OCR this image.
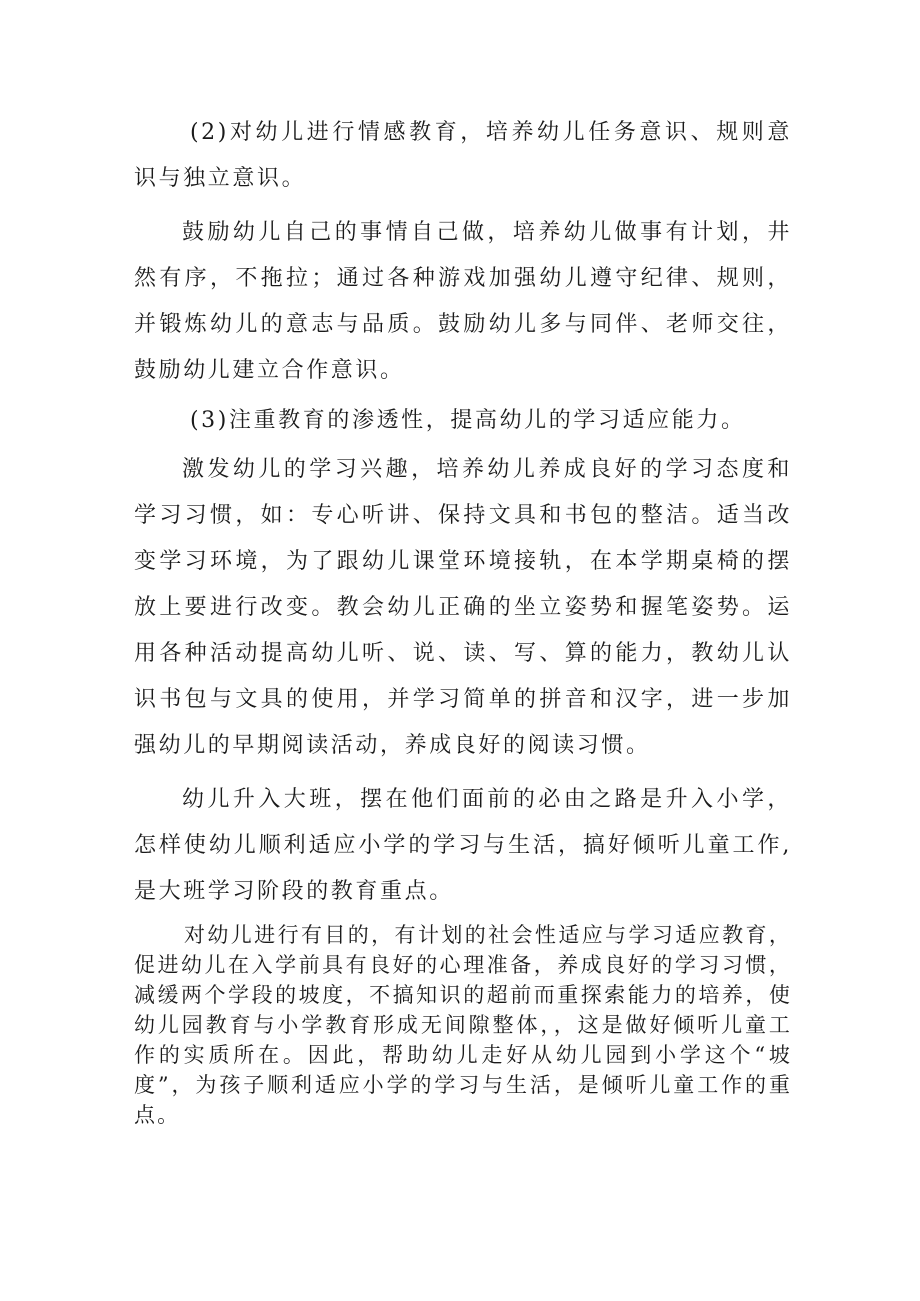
(2)对幼儿进行情感教育，培养幼儿任务意识、规则意识与独立意识。

鼓励幼儿自己的事情自己做，培养幼儿做事有计划，井然有序，不拖拉；通过各种游戏加强幼儿遵守纪律、规则，并锻炼幼儿的意志与品质。鼓励幼儿多与同伴、老师交往，鼓励幼儿建立合作意识。

(3)注重教育的渗透性，提高幼儿的学习适应能力。

激发幼儿的学习兴趣，培养幼儿养成良好的学习态度和学习习惯，如：专心听讲、保持文具和书包的整洁。适当改变学习环境，为了跟幼儿课堂环境接轨，在本学期桌椅的摆放上要进行改变。教会幼儿正确的坐立姿势和握笔姿势。运用各种活动提高幼儿听、说、读、写、算的能力，教幼儿认识书包与文具的使用，并学习简单的拼音和汉字，进一步加强幼儿的早期阅读活动，养成良好的阅读习惯。

幼儿升入大班，摆在他们面前的必由之路是升入小学，怎样使幼儿顺利适应小学的学习与生活，搞好倾听儿童工作,是大班学习阶段的教育重点。

对幼儿进行有目的，有计划的社会性适应与学习适应教育，促进幼儿在入学前具有良好的心理准备，养成良好的学习习惯，减缓两个学段的坡度，不搞知识的超前而重探索能力的培养，使幼儿园教育与小学教育形成无间隙整体，，这是做好倾听儿童工作的实质所在。因此，帮助幼儿走好从幼儿园到小学这个“坡度”，为孩子顺利适应小学的学习与生活，是倾听儿童工作的重点。
